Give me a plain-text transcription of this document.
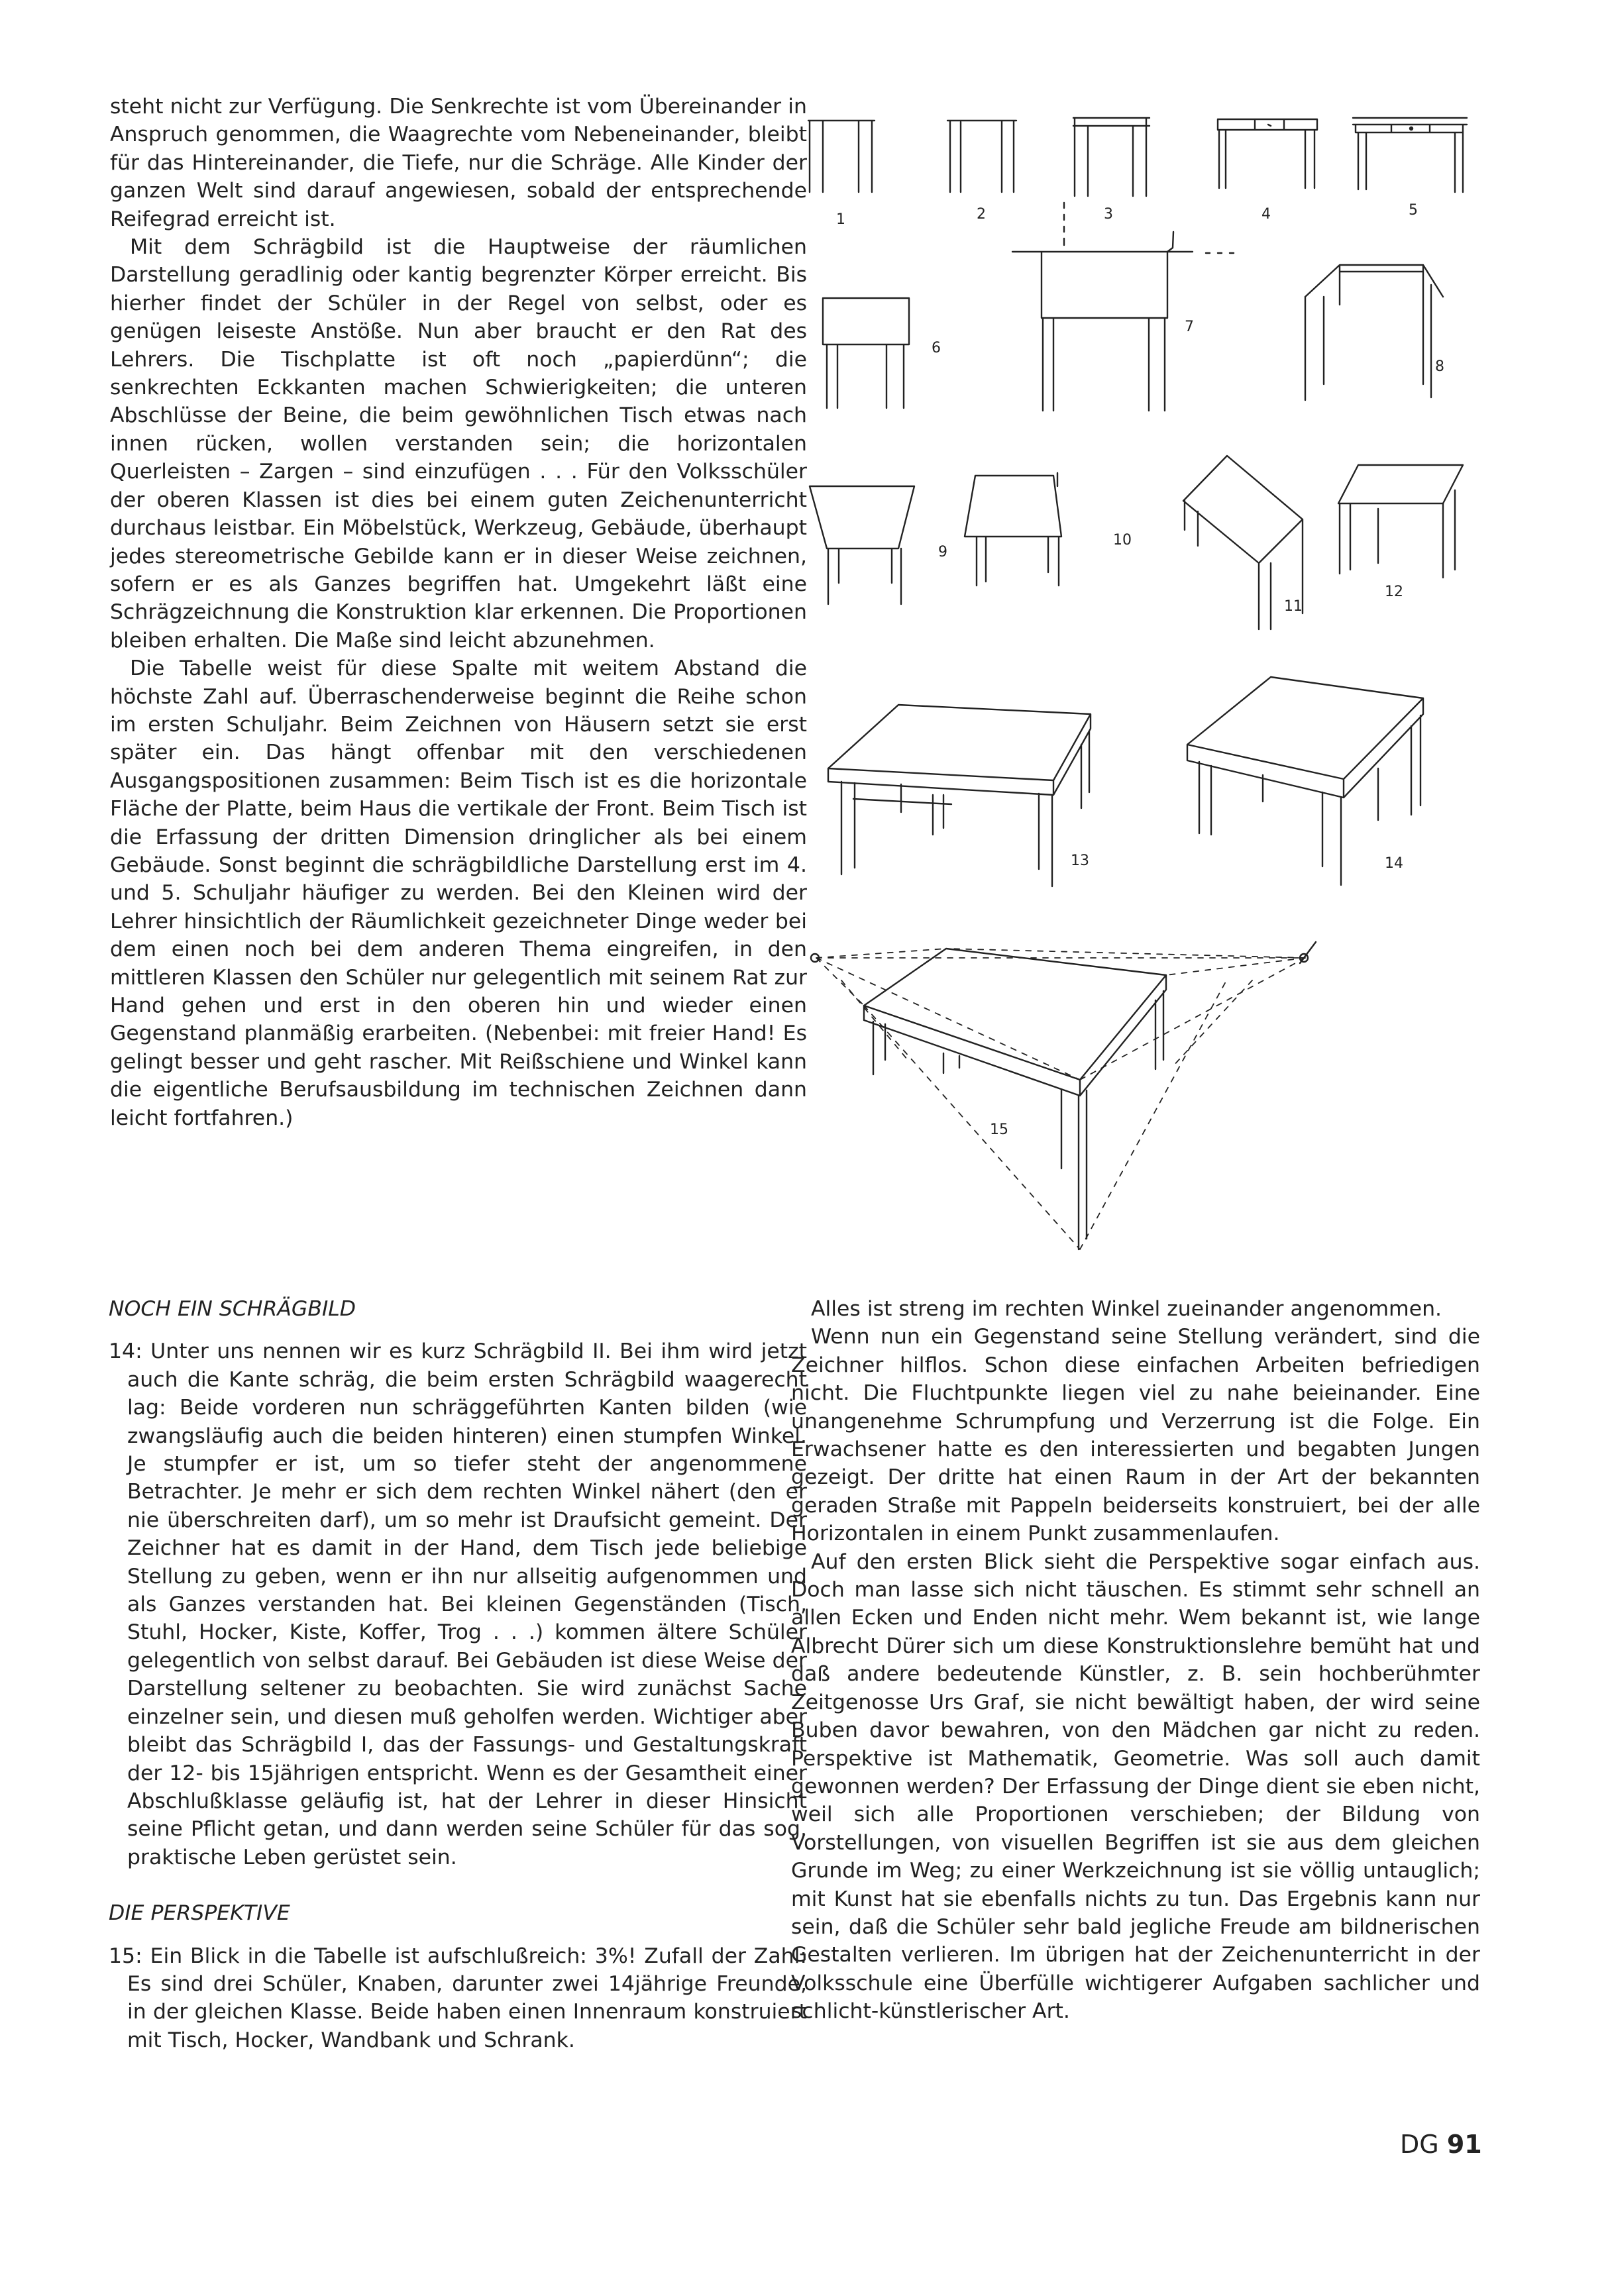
steht nicht zur Verfügung. Die Senkrechte ist vom Übereinander in Anspruch genommen, die Waagrechte vom Nebeneinander, bleibt für das Hintereinander, die Tiefe, nur die Schräge. Alle Kinder der ganzen Welt sind darauf angewiesen, sobald der entsprechende Reifegrad erreicht ist.

Mit dem Schrägbild ist die Hauptweise der räumlichen Darstellung geradlinig oder kantig begrenzter Körper erreicht. Bis hierher findet der Schüler in der Regel von selbst, oder es genügen leiseste Anstöße. Nun aber braucht er den Rat des Lehrers. Die Tischplatte ist oft noch „papierdünn“; die senkrechten Eckkanten machen Schwierigkeiten; die unteren Abschlüsse der Beine, die beim gewöhnlichen Tisch etwas nach innen rücken, wollen verstanden sein; die horizontalen Querleisten – Zargen – sind einzufügen . . . Für den Volksschüler der oberen Klassen ist dies bei einem guten Zeichenunterricht durchaus leistbar. Ein Möbelstück, Werkzeug, Gebäude, überhaupt jedes stereometrische Gebilde kann er in dieser Weise zeichnen, sofern er es als Ganzes begriffen hat. Umgekehrt läßt eine Schrägzeichnung die Konstruktion klar erkennen. Die Proportionen bleiben erhalten. Die Maße sind leicht abzunehmen.

Die Tabelle weist für diese Spalte mit weitem Abstand die höchste Zahl auf. Überraschenderweise beginnt die Reihe schon im ersten Schuljahr. Beim Zeichnen von Häusern setzt sie erst später ein. Das hängt offenbar mit den verschiedenen Ausgangspositionen zusammen: Beim Tisch ist es die horizontale Fläche der Platte, beim Haus die vertikale der Front. Beim Tisch ist die Erfassung der dritten Dimension dringlicher als bei einem Gebäude. Sonst beginnt die schrägbildliche Darstellung erst im 4. und 5. Schuljahr häufiger zu werden. Bei den Kleinen wird der Lehrer hinsichtlich der Räumlichkeit gezeichneter Dinge weder bei dem einen noch bei dem anderen Thema eingreifen, in den mittleren Klassen den Schüler nur gelegentlich mit seinem Rat zur Hand gehen und erst in den oberen hin und wieder einen Gegenstand planmäßig erarbeiten. (Nebenbei: mit freier Hand! Es gelingt besser und geht rascher. Mit Reißschiene und Winkel kann die eigentliche Berufsausbildung im technischen Zeichnen dann leicht fortfahren.)

1	2	3	4	5
6
7
8
9
10
11
12
13	14
15

NOCH EIN SCHRÄGBILD

14: Unter uns nennen wir es kurz Schrägbild II. Bei ihm wird jetzt auch die Kante schräg, die beim ersten Schrägbild waagerecht lag: Beide vorderen nun schräggeführten Kanten bilden (wie zwangsläufig auch die beiden hinteren) einen stumpfen Winkel. Je stumpfer er ist, um so tiefer steht der angenommene Betrachter. Je mehr er sich dem rechten Winkel nähert (den er nie überschreiten darf), um so mehr ist Draufsicht gemeint. Der Zeichner hat es damit in der Hand, dem Tisch jede beliebige Stellung zu geben, wenn er ihn nur allseitig aufgenommen und als Ganzes verstanden hat. Bei kleinen Gegenständen (Tisch, Stuhl, Hocker, Kiste, Koffer, Trog . . .) kommen ältere Schüler gelegentlich von selbst darauf. Bei Gebäuden ist diese Weise der Darstellung seltener zu beobachten. Sie wird zunächst Sache einzelner sein, und diesen muß geholfen werden. Wichtiger aber bleibt das Schrägbild I, das der Fassungs- und Gestaltungskraft der 12- bis 15jährigen entspricht. Wenn es der Gesamtheit einer Abschlußklasse geläufig ist, hat der Lehrer in dieser Hinsicht seine Pflicht getan, und dann werden seine Schüler für das sog. praktische Leben gerüstet sein.

DIE PERSPEKTIVE

15: Ein Blick in die Tabelle ist aufschlußreich: 3%! Zufall der Zahl: Es sind drei Schüler, Knaben, darunter zwei 14jährige Freunde, in der gleichen Klasse. Beide haben einen Innenraum konstruiert mit Tisch, Hocker, Wandbank und Schrank.

Alles ist streng im rechten Winkel zueinander angenommen.

Wenn nun ein Gegenstand seine Stellung verändert, sind die Zeichner hilflos. Schon diese einfachen Arbeiten befriedigen nicht. Die Fluchtpunkte liegen viel zu nahe beieinander. Eine unangenehme Schrumpfung und Verzerrung ist die Folge. Ein Erwachsener hatte es den interessierten und begabten Jungen gezeigt. Der dritte hat einen Raum in der Art der bekannten geraden Straße mit Pappeln beiderseits konstruiert, bei der alle Horizontalen in einem Punkt zusammenlaufen.

Auf den ersten Blick sieht die Perspektive sogar einfach aus. Doch man lasse sich nicht täuschen. Es stimmt sehr schnell an allen Ecken und Enden nicht mehr. Wem bekannt ist, wie lange Albrecht Dürer sich um diese Konstruktionslehre bemüht hat und daß andere bedeutende Künstler, z. B. sein hochberühmter Zeitgenosse Urs Graf, sie nicht bewältigt haben, der wird seine Buben davor bewahren, von den Mädchen gar nicht zu reden. Perspektive ist Mathematik, Geometrie. Was soll auch damit gewonnen werden? Der Erfassung der Dinge dient sie eben nicht, weil sich alle Proportionen verschieben; der Bildung von Vorstellungen, von visuellen Begriffen ist sie aus dem gleichen Grunde im Weg; zu einer Werkzeichnung ist sie völlig untauglich; mit Kunst hat sie ebenfalls nichts zu tun. Das Ergebnis kann nur sein, daß die Schüler sehr bald jegliche Freude am bildnerischen Gestalten verlieren. Im übrigen hat der Zeichenunterricht in der Volksschule eine Überfülle wichtigerer Aufgaben sachlicher und schlicht-künstlerischer Art.

DG 91
